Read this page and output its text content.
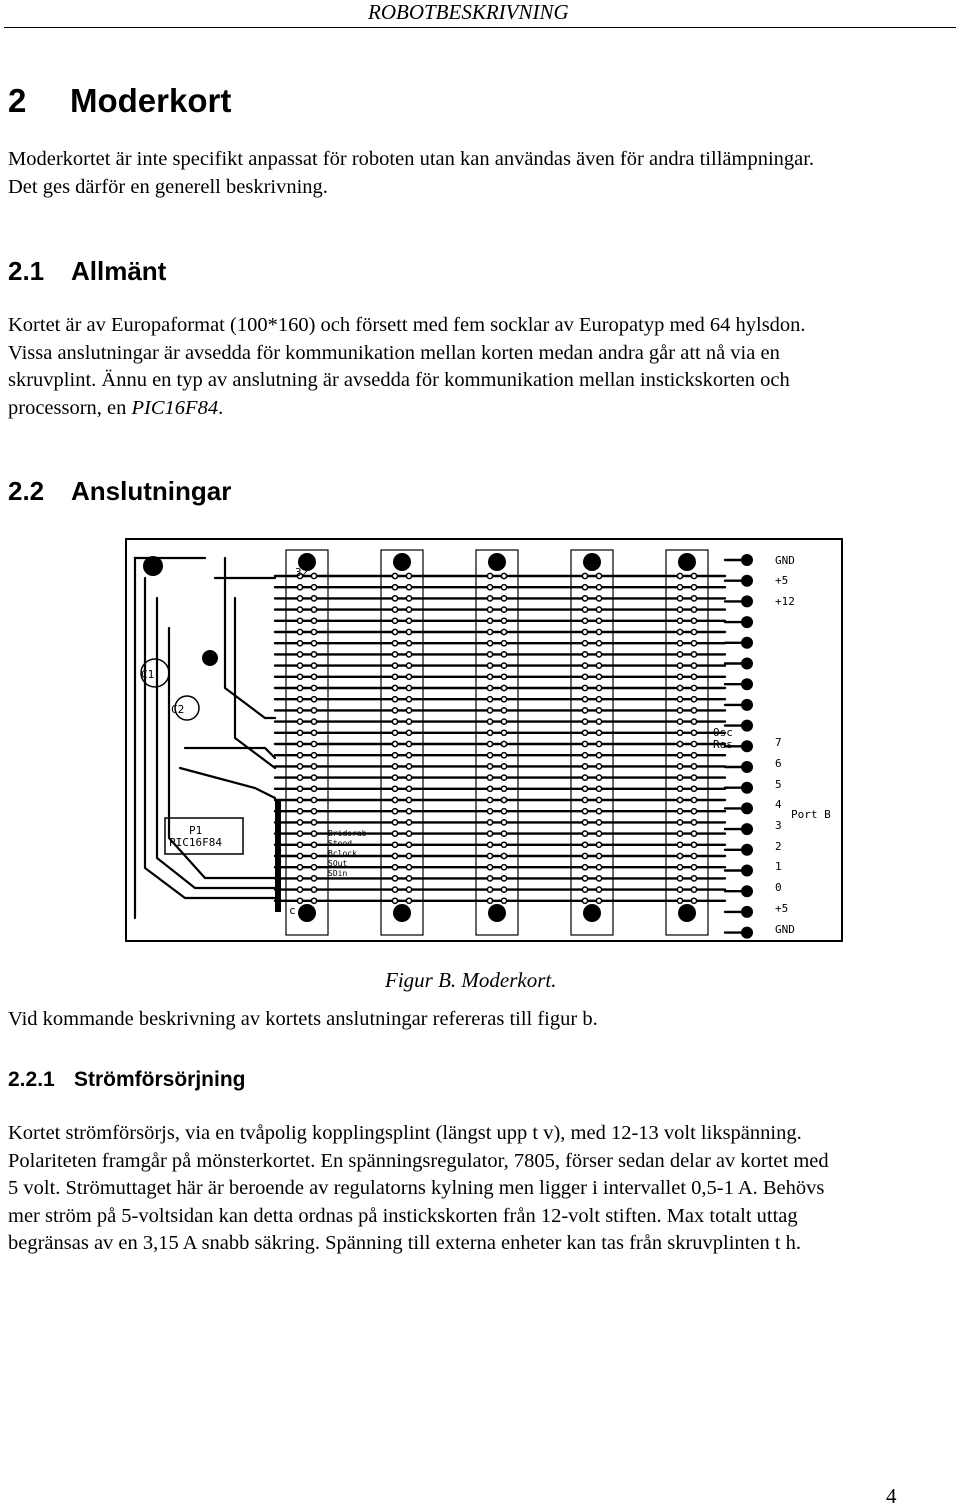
ROBOTBESKRIVNING
2 Moderkort
Moderkortet är inte specifikt anpassat för roboten utan kan användas även för andra tillämpningar.
Det ges därför en generell beskrivning.
2.1 Allmänt
Kortet är av Europaformat (100*160) och försett med fem socklar av Europatyp med 64 hylsdon.
Vissa anslutningar är avsedda för kommunikation mellan korten medan andra går att nå via en
skruvplint. Ännu en typ av anslutning är avsedda för kommunikation mellan instickskorten och
processorn, en PIC16F84.
2.2 Anslutningar
GND
+5
+12
Osc
Res
Port B
7
6
5
4
3
2
1
0
+5
GND
32
c 1
C1
C2
P1
PIC16F84
Bridsrab
Stood
Bclock
SOut
SDin
Figur B. Moderkort.
Vid kommande beskrivning av kortets anslutningar refereras till figur b.
2.2.1 Strömförsörjning
Kortet strömförsörjs, via en tvåpolig kopplingsplint (längst upp t v), med 12-13 volt likspänning.
Polariteten framgår på mönsterkortet. En spänningsregulator, 7805, förser sedan delar av kortet med
5 volt. Strömuttaget här är beroende av regulatorns kylning men ligger i intervallet 0,5-1 A. Behövs
mer ström på 5-voltsidan kan detta ordnas på instickskorten från 12-volt stiften. Max totalt uttag
begränsas av en 3,15 A snabb säkring. Spänning till externa enheter kan tas från skruvplinten t h.
4
